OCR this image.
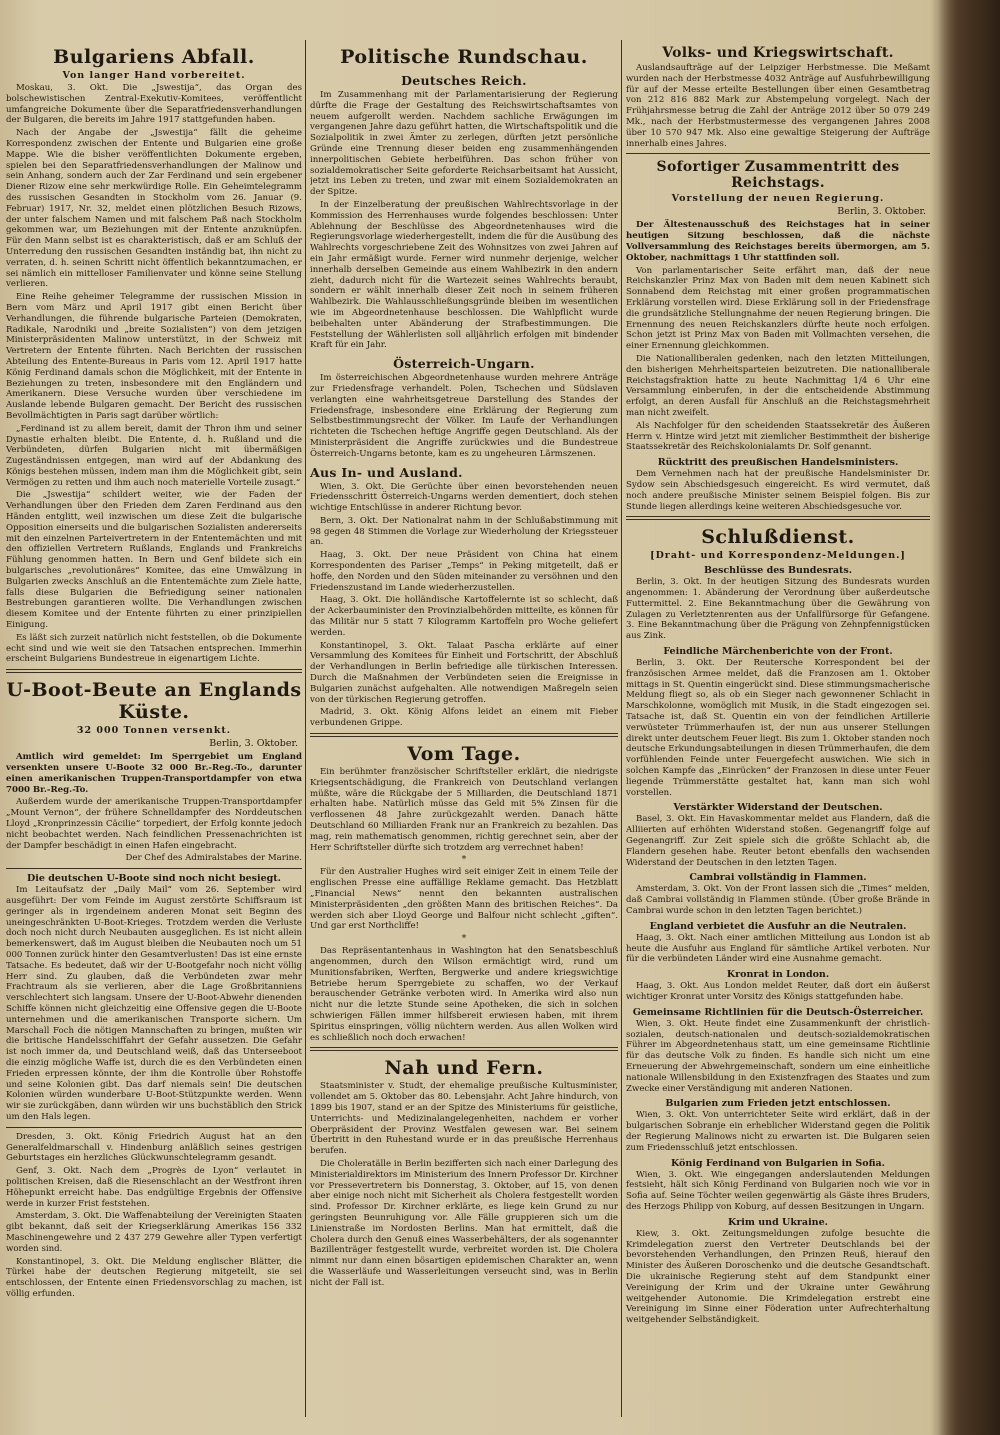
Bulgariens Abfall.
Von langer Hand vorbereitet.

Moskau, 3. Okt. Die „Jswestija“, das Organ des bolschewistischen Zentral-Exekutiv-Komitees, veröffentlicht umfangreiche Dokumente über die Separatfriedensverhandlungen der Bulgaren, die bereits im Jahre 1917 stattgefunden haben.

Nach der Angabe der „Jswestija“ fällt die geheime Korrespondenz zwischen der Entente und Bulgarien eine große Mappe. Wie die bisher veröffentlichten Dokumente ergeben, spielen bei den Separatfriedensverhandlungen der Malinow und sein Anhang, sondern auch der Zar Ferdinand und sein ergebener Diener Rizow eine sehr merkwürdige Rolle. Ein Geheimtelegramm des russischen Gesandten in Stockholm vom 26. Januar (9. Februar) 1917, Nr. 32, meldet einen plötzlichen Besuch Rizows, der unter falschem Namen und mit falschem Paß nach Stockholm gekommen war, um Beziehungen mit der Entente anzuknüpfen. Für den Mann selbst ist es charakteristisch, daß er am Schluß der Unterredung den russischen Gesandten inständig bat, ihn nicht zu verraten, d. h. seinen Schritt nicht öffentlich bekanntzumachen, er sei nämlich ein mittelloser Familienvater und könne seine Stellung verlieren.

Eine Reihe geheimer Telegramme der russischen Mission in Bern vom März und April 1917 gibt einen Bericht über Verhandlungen, die führende bulgarische Parteien (Demokraten, Radikale, Narodniki und „breite Sozialisten“) von dem jetzigen Ministerpräsidenten Malinow unterstützt, in der Schweiz mit Vertretern der Entente führten. Nach Berichten der russischen Abteilung des Entente-Bureaus in Paris vom 12. April 1917 hatte König Ferdinand damals schon die Möglichkeit, mit der Entente in Beziehungen zu treten, insbesondere mit den Engländern und Amerikanern. Diese Versuche wurden über verschiedene im Auslande lebende Bulgaren gemacht. Der Bericht des russischen Bevollmächtigten in Paris sagt darüber wörtlich:

„Ferdinand ist zu allem bereit, damit der Thron ihm und seiner Dynastie erhalten bleibt. Die Entente, d. h. Rußland und die Verbündeten, dürfen Bulgarien nicht mit übermäßigen Zugeständnissen entgegen, man wird auf der Abdankung des Königs bestehen müssen, indem man ihm die Möglichkeit gibt, sein Vermögen zu retten und ihm auch noch materielle Vorteile zusagt.“

Die „Jswestija“ schildert weiter, wie der Faden der Verhandlungen über den Frieden dem Zaren Ferdinand aus den Händen entglitt, weil inzwischen um diese Zeit die bulgarische Opposition einerseits und die bulgarischen Sozialisten andererseits mit den einzelnen Parteivertretern in der Ententemächten und mit den offiziellen Vertretern Rußlands, Englands und Frankreichs Fühlung genommen hatten. In Bern und Genf bildete sich ein bulgarisches „revolutionäres“ Komitee, das eine Umwälzung in Bulgarien zwecks Anschluß an die Ententemächte zum Ziele hatte, falls diese Bulgarien die Befriedigung seiner nationalen Bestrebungen garantieren wollte. Die Verhandlungen zwischen diesem Komitee und der Entente führten zu einer prinzipiellen Einigung.

Es läßt sich zurzeit natürlich nicht feststellen, ob die Dokumente echt sind und wie weit sie den Tatsachen entsprechen. Immerhin erscheint Bulgariens Bundestreue in eigenartigem Lichte.

U-Boot-Beute an Englands Küste.
32 000 Tonnen versenkt.
Berlin, 3. Oktober.

Amtlich wird gemeldet: Im Sperrgebiet um England versenkten unsere U-Boote 32 000 Br.-Reg.-To., darunter einen amerikanischen Truppen-Transportdampfer von etwa 7000 Br.-Reg.-To.

Außerdem wurde der amerikanische Truppen-Transportdampfer „Mount Vernon“, der frühere Schnelldampfer des Norddeutschen Lloyd „Kronprinzessin Cäcilie“ torpediert, der Erfolg konnte jedoch nicht beobachtet werden. Nach feindlichen Pressenachrichten ist der Dampfer beschädigt in einen Hafen eingebracht.

Der Chef des Admiralstabes der Marine.

Die deutschen U-Boote sind noch nicht besiegt.

Im Leitaufsatz der „Daily Mail“ vom 26. September wird ausgeführt: Der vom Feinde im August zerstörte Schiffsraum ist geringer als in irgendeinem anderen Monat seit Beginn des uneingeschränkten U-Boot-Krieges. Trotzdem werden die Verluste doch noch nicht durch Neubauten ausgeglichen. Es ist nicht allein bemerkenswert, daß im August bleiben die Neubauten noch um 51 000 Tonnen zurück hinter den Gesamtverlusten! Das ist eine ernste Tatsache. Es bedeutet, daß wir der U-Bootgefahr noch nicht völlig Herr sind. Zu glauben, daß die Verbündeten zwar mehr Frachtraum als sie verlieren, aber die Lage Großbritanniens verschlechtert sich langsam. Unsere der U-Boot-Abwehr dienenden Schiffe können nicht gleichzeitig eine Offensive gegen die U-Boote unternehmen und die amerikanischen Transporte sichern. Um Marschall Foch die nötigen Mannschaften zu bringen, mußten wir die britische Handelsschiffahrt der Gefahr aussetzen. Die Gefahr ist noch immer da, und Deutschland weiß, daß das Unterseeboot die einzig mögliche Waffe ist, durch die es den Verbündeten einen Frieden erpressen könnte, der ihm die Kontrolle über Rohstoffe und seine Kolonien gibt. Das darf niemals sein! Die deutschen Kolonien würden wunderbare U-Boot-Stützpunkte werden. Wenn wir sie zurückgäben, dann würden wir uns buchstäblich den Strick um den Hals legen.

Dresden, 3. Okt. König Friedrich August hat an den Generalfeldmarschall v. Hindenburg anläßlich seines gestrigen Geburtstages ein herzliches Glückwunschtelegramm gesandt.

Genf, 3. Okt. Nach dem „Progrès de Lyon“ verlautet in politischen Kreisen, daß die Riesenschlacht an der Westfront ihren Höhepunkt erreicht habe. Das endgültige Ergebnis der Offensive werde in kurzer Frist feststehen.

Amsterdam, 3. Okt. Die Waffenabteilung der Vereinigten Staaten gibt bekannt, daß seit der Kriegserklärung Amerikas 156 332 Maschinengewehre und 2 437 279 Gewehre aller Typen verfertigt worden sind.

Konstantinopel, 3. Okt. Die Meldung englischer Blätter, die Türkei habe der deutschen Regierung mitgeteilt, sie sei entschlossen, der Entente einen Friedensvorschlag zu machen, ist völlig erfunden.

Politische Rundschau.
Deutsches Reich.

Im Zusammenhang mit der Parlamentarisierung der Regierung dürfte die Frage der Gestaltung des Reichswirtschaftsamtes von neuem aufgerollt werden. Nachdem sachliche Erwägungen im vergangenen Jahre dazu geführt hatten, die Wirtschaftspolitik und die Sozialpolitik in zwei Ämter zu zerlegen, dürften jetzt persönliche Gründe eine Trennung dieser beiden eng zusammenhängenden innerpolitischen Gebiete herbeiführen. Das schon früher von sozialdemokratischer Seite geforderte Reichsarbeitsamt hat Aussicht, jetzt ins Leben zu treten, und zwar mit einem Sozialdemokraten an der Spitze.

In der Einzelberatung der preußischen Wahlrechtsvorlage in der Kommission des Herrenhauses wurde folgendes beschlossen: Unter Ablehnung der Beschlüsse des Abgeordnetenhauses wird die Regierungsvorlage wiederhergestellt, indem die für die Ausübung des Wahlrechts vorgeschriebene Zeit des Wohnsitzes von zwei Jahren auf ein Jahr ermäßigt wurde. Ferner wird nunmehr derjenige, welcher innerhalb derselben Gemeinde aus einem Wahlbezirk in den andern zieht, dadurch nicht für die Wartezeit seines Wahlrechts beraubt, sondern er wählt innerhalb dieser Zeit noch in seinem früheren Wahlbezirk. Die Wahlausschließungsgründe bleiben im wesentlichen wie im Abgeordnetenhause beschlossen. Die Wahlpflicht wurde beibehalten unter Abänderung der Strafbestimmungen. Die Feststellung der Wählerlisten soll alljährlich erfolgen mit bindender Kraft für ein Jahr.

Österreich-Ungarn.

Im österreichischen Abgeordnetenhause wurden mehrere Anträge zur Friedensfrage verhandelt. Polen, Tschechen und Südslaven verlangten eine wahrheitsgetreue Darstellung des Standes der Friedensfrage, insbesondere eine Erklärung der Regierung zum Selbstbestimmungsrecht der Völker. Im Laufe der Verhandlungen richteten die Tschechen heftige Angriffe gegen Deutschland. Als der Ministerpräsident die Angriffe zurückwies und die Bundestreue Österreich-Ungarns betonte, kam es zu ungeheuren Lärmszenen.

Aus In- und Ausland.

Wien, 3. Okt. Die Gerüchte über einen bevorstehenden neuen Friedensschritt Österreich-Ungarns werden dementiert, doch stehen wichtige Entschlüsse in anderer Richtung bevor.

Bern, 3. Okt. Der Nationalrat nahm in der Schlußabstimmung mit 98 gegen 48 Stimmen die Vorlage zur Wiederholung der Kriegssteuer an.

Haag, 3. Okt. Der neue Präsident von China hat einem Korrespondenten des Pariser „Temps“ in Peking mitgeteilt, daß er hoffe, den Norden und den Süden miteinander zu versöhnen und den Friedenszustand im Lande wiederherzustellen.

Haag, 3. Okt. Die holländische Kartoffelernte ist so schlecht, daß der Ackerbauminister den Provinzialbehörden mitteilte, es können für das Militär nur 5 statt 7 Kilogramm Kartoffeln pro Woche geliefert werden.

Konstantinopel, 3. Okt. Talaat Pascha erklärte auf einer Versammlung des Komitees für Einheit und Fortschritt, der Abschluß der Verhandlungen in Berlin befriedige alle türkischen Interessen. Durch die Maßnahmen der Verbündeten seien die Ereignisse in Bulgarien zunächst aufgehalten. Alle notwendigen Maßregeln seien von der türkischen Regierung getroffen.

Madrid, 3. Okt. König Alfons leidet an einem mit Fieber verbundenen Grippe.

Vom Tage.

Ein berühmter französischer Schriftsteller erklärt, die niedrigste Kriegsentschädigung, die Frankreich von Deutschland verlangen müßte, wäre die Rückgabe der 5 Milliarden, die Deutschland 1871 erhalten habe. Natürlich müsse das Geld mit 5% Zinsen für die verflossenen 48 Jahre zurückgezahlt werden. Danach hätte Deutschland 60 Milliarden Frank nur an Frankreich zu bezahlen. Das mag, rein mathematisch genommen, richtig gerechnet sein, aber der Herr Schriftsteller dürfte sich trotzdem arg verrechnet haben!

*

Für den Australier Hughes wird seit einiger Zeit in einem Teile der englischen Presse eine auffällige Reklame gemacht. Das Hetzblatt „Financial News“ nennt den bekannten australischen Ministerpräsidenten „den größten Mann des britischen Reiches“. Da werden sich aber Lloyd George und Balfour nicht schlecht „giften“. Und gar erst Northcliffe!

*

Das Repräsentantenhaus in Washington hat den Senatsbeschluß angenommen, durch den Wilson ermächtigt wird, rund um Munitionsfabriken, Werften, Bergwerke und andere kriegswichtige Betriebe herum Sperrgebiete zu schaffen, wo der Verkauf berauschender Getränke verboten wird. In Amerika wird also nun nicht nur die letzte Stunde seine Apotheken, die sich in solchen schwierigen Fällen immer hilfsbereit erwiesen haben, mit ihrem Spiritus einspringen, völlig nüchtern werden. Aus allen Wolken wird es schließlich noch doch erwachen!

Nah und Fern.

Staatsminister v. Studt, der ehemalige preußische Kultusminister, vollendet am 5. Oktober das 80. Lebensjahr. Acht Jahre hindurch, von 1899 bis 1907, stand er an der Spitze des Ministeriums für geistliche, Unterrichts- und Medizinalangelegenheiten, nachdem er vorher Oberpräsident der Provinz Westfalen gewesen war. Bei seinem Übertritt in den Ruhestand wurde er in das preußische Herrenhaus berufen.

Die Choleratälle in Berlin bezifferten sich nach einer Darlegung des Ministerialdirektors im Ministerium des Innern Professor Dr. Kirchner vor Pressevertretern bis Donnerstag, 3. Oktober, auf 15, von denen aber einige noch nicht mit Sicherheit als Cholera festgestellt worden sind. Professor Dr. Kirchner erklärte, es liege kein Grund zu nur geringsten Beunruhigung vor. Alle Fälle gruppieren sich um die Linienstraße im Nordosten Berlins. Man hat ermittelt, daß die Cholera durch den Genuß eines Wasserbehälters, der als sogenannter Bazillenträger festgestellt wurde, verbreitet worden ist. Die Cholera nimmt nur dann einen bösartigen epidemischen Charakter an, wenn die Wasserläufe und Wasserleitungen verseucht sind, was in Berlin nicht der Fall ist.

Volks- und Kriegswirtschaft.

Auslandsaufträge auf der Leipziger Herbstmesse. Die Meßamt wurden nach der Herbstmesse 4032 Anträge auf Ausfuhrbewilligung für auf der Messe erteilte Bestellungen über einen Gesamtbetrag von 212 816 882 Mark zur Abstempelung vorgelegt. Nach der Frühjahrsmesse betrug die Zahl der Anträge 2012 über 50 079 249 Mk., nach der Herbstmustermesse des vergangenen Jahres 2008 über 10 570 947 Mk. Also eine gewaltige Steigerung der Aufträge innerhalb eines Jahres.

Sofortiger Zusammentritt des Reichstags.
Vorstellung der neuen Regierung.
Berlin, 3. Oktober.

Der Ältestenausschuß des Reichstages hat in seiner heutigen Sitzung beschlossen, daß die nächste Vollversammlung des Reichstages bereits übermorgen, am 5. Oktober, nachmittags 1 Uhr stattfinden soll.

Von parlamentarischer Seite erfährt man, daß der neue Reichskanzler Prinz Max von Baden mit dem neuen Kabinett sich Sonnabend dem Reichstag mit einer großen programmatischen Erklärung vorstellen wird. Diese Erklärung soll in der Friedensfrage die grundsätzliche Stellungnahme der neuen Regierung bringen. Die Ernennung des neuen Reichskanzlers dürfte heute noch erfolgen. Schon jetzt ist Prinz Max von Baden mit Vollmachten versehen, die einer Ernennung gleichkommen.

Die Nationalliberalen gedenken, nach den letzten Mitteilungen, den bisherigen Mehrheitsparteien beizutreten. Die nationalliberale Reichstagsfraktion hatte zu heute Nachmittag 1/4 6 Uhr eine Versammlung einberufen, in der die entscheidende Abstimmung erfolgt, an deren Ausfall für Anschluß an die Reichstagsmehrheit man nicht zweifelt.

Als Nachfolger für den scheidenden Staatssekretär des Äußeren Herrn v. Hintze wird jetzt mit ziemlicher Bestimmtheit der bisherige Staatssekretär des Reichskolonialamts Dr. Solf genannt.

Rücktritt des preußischen Handelsministers.

Dem Vernehmen nach hat der preußische Handelsminister Dr. Sydow sein Abschiedsgesuch eingereicht. Es wird vermutet, daß noch andere preußische Minister seinem Beispiel folgen. Bis zur Stunde liegen allerdings keine weiteren Abschiedsgesuche vor.

Schlußdienst.
[Draht- und Korrespondenz-Meldungen.]
Beschlüsse des Bundesrats.

Berlin, 3. Okt. In der heutigen Sitzung des Bundesrats wurden angenommen: 1. Abänderung der Verordnung über außerdeutsche Futtermittel. 2. Eine Bekanntmachung über die Gewährung von Zulagen zu Verletztenrenten aus der Unfallfürsorge für Gefangene. 3. Eine Bekanntmachung über die Prägung von Zehnpfennigstücken aus Zink.

Feindliche Märchenberichte von der Front.

Berlin, 3. Okt. Der Reutersche Korrespondent bei der französischen Armee meldet, daß die Franzosen am 1. Oktober mittags in St. Quentin eingerückt sind. Diese stimmungsmacherische Meldung fliegt so, als ob ein Sieger nach gewonnener Schlacht in Marschkolonne, womöglich mit Musik, in die Stadt eingezogen sei. Tatsache ist, daß St. Quentin ein von der feindlichen Artillerie verwüsteter Trümmerhaufen ist, der nun aus unserer Stellungen direkt unter deutschem Feuer liegt. Bis zum 1. Oktober standen noch deutsche Erkundungsabteilungen in diesen Trümmerhaufen, die dem vorfühlenden Feinde unter Feuergefecht auswichen. Wie sich in solchen Kampfe das „Einrücken“ der Franzosen in diese unter Feuer liegende Trümmerstätte gestaltet hat, kann man sich wohl vorstellen.

Verstärkter Widerstand der Deutschen.

Basel, 3. Okt. Ein Havaskommentar meldet aus Flandern, daß die Alliierten auf erhöhten Widerstand stoßen. Gegenangriff folge auf Gegenangriff. Zur Zeit spiele sich die größte Schlacht ab, die Flandern gesehen habe. Reuter betont ebenfalls den wachsenden Widerstand der Deutschen in den letzten Tagen.

Cambrai vollständig in Flammen.

Amsterdam, 3. Okt. Von der Front lassen sich die „Times“ melden, daß Cambrai vollständig in Flammen stünde. (Über große Brände in Cambrai wurde schon in den letzten Tagen berichtet.)

England verbietet die Ausfuhr an die Neutralen.

Haag, 3. Okt. Nach einer amtlichen Mitteilung aus London ist ab heute die Ausfuhr aus England für sämtliche Artikel verboten. Nur für die verbündeten Länder wird eine Ausnahme gemacht.

Kronrat in London.

Haag, 3. Okt. Aus London meldet Reuter, daß dort ein äußerst wichtiger Kronrat unter Vorsitz des Königs stattgefunden habe.

Gemeinsame Richtlinien für die Deutsch-Österreicher.

Wien, 3. Okt. Heute findet eine Zusammenkunft der christlich-sozialen, deutsch-nationalen und deutsch-sozialdemokratischen Führer im Abgeordnetenhaus statt, um eine gemeinsame Richtlinie für das deutsche Volk zu finden. Es handle sich nicht um eine Erneuerung der Abwehrgemeinschaft, sondern um eine einheitliche nationale Willensbildung in den Existenzfragen des Staates und zum Zwecke einer Verständigung mit anderen Nationen.

Bulgarien zum Frieden jetzt entschlossen.

Wien, 3. Okt. Von unterrichteter Seite wird erklärt, daß in der bulgarischen Sobranje ein erheblicher Widerstand gegen die Politik der Regierung Malinows nicht zu erwarten ist. Die Bulgaren seien zum Friedensschluß jetzt entschlossen.

König Ferdinand von Bulgarien in Sofia.

Wien, 3. Okt. Wie eingegangen anderslautenden Meldungen festsieht, hält sich König Ferdinand von Bulgarien noch wie vor in Sofia auf. Seine Töchter weilen gegenwärtig als Gäste ihres Bruders, des Herzogs Philipp von Koburg, auf dessen Besitzungen in Ungarn.

Krim und Ukraine.

Kiew, 3. Okt. Zeitungsmeldungen zufolge besuchte die Krimdelegation zuerst den Vertreter Deutschlands bei der bevorstehenden Verhandlungen, den Prinzen Reuß, hierauf den Minister des Äußeren Doroschenko und die deutsche Gesandtschaft. Die ukrainische Regierung steht auf dem Standpunkt einer Vereinigung der Krim und der Ukraine unter Gewährung weitgehender Autonomie. Die Krimdelegation erstrebt eine Vereinigung im Sinne einer Föderation unter Aufrechterhaltung weitgehender Selbständigkeit.
